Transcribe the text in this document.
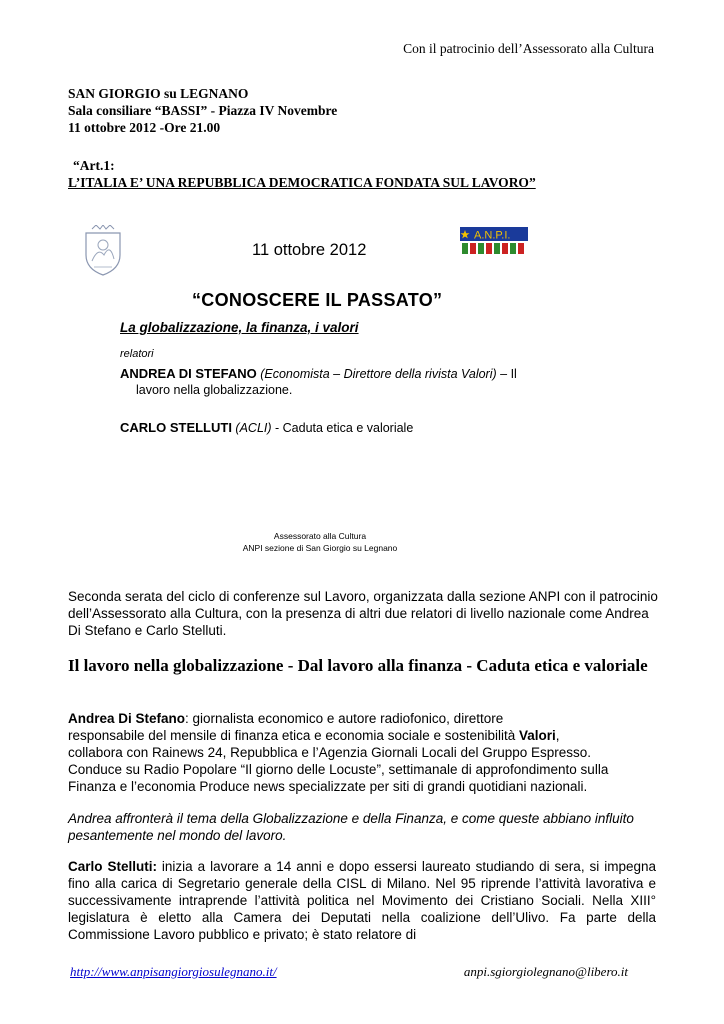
Con il patrocinio dell’Assessorato alla Cultura
SAN GIORGIO su LEGNANO
Sala consiliare “BASSI” - Piazza IV Novembre
11 ottobre 2012 -Ore 21.00
“Art.1:
L’ITALIA E’ UNA REPUBBLICA DEMOCRATICA FONDATA SUL LAVORO”
11 ottobre 2012
A.N.P.I.
“CONOSCERE IL PASSATO”
La globalizzazione, la finanza, i valori
relatori
ANDREA DI STEFANO (Economista – Direttore della rivista Valori) – Il
lavoro nella globalizzazione.
CARLO STELLUTI (ACLI) - Caduta etica e valoriale
Assessorato alla Cultura
ANPI sezione di San Giorgio su Legnano
Seconda serata del ciclo di conferenze sul Lavoro, organizzata dalla sezione ANPI con il patrocinio dell’Assessorato alla Cultura, con la presenza di altri due relatori di livello nazionale come Andrea Di Stefano e Carlo Stelluti.
Il lavoro nella globalizzazione - Dal lavoro alla finanza - Caduta etica e valoriale
Andrea Di Stefano: giornalista economico e autore radiofonico, direttore
responsabile del mensile di finanza etica e economia sociale e sostenibilità Valori,
collabora con Rainews 24, Repubblica e l’Agenzia Giornali Locali del Gruppo Espresso.
Conduce su Radio Popolare “Il giorno delle Locuste”, settimanale di approfondimento sulla
Finanza e l’economia Produce news specializzate per siti di grandi quotidiani nazionali.
Andrea affronterà il tema della Globalizzazione e della Finanza, e come queste abbiano influito pesantemente nel mondo del lavoro.
Carlo Stelluti: inizia a lavorare a 14 anni e dopo essersi laureato studiando di sera, si impegna fino alla carica di Segretario generale della CISL di Milano. Nel 95 riprende l’attività lavorativa e successivamente intraprende l’attività politica nel Movimento dei Cristiano Sociali. Nella XIII° legislatura è eletto alla Camera dei Deputati nella coalizione dell’Ulivo. Fa parte della Commissione Lavoro pubblico e privato; è stato relatore di
http://www.anpisangiorgiosulegnano.it/	anpi.sgiorgiolegnano@libero.it
